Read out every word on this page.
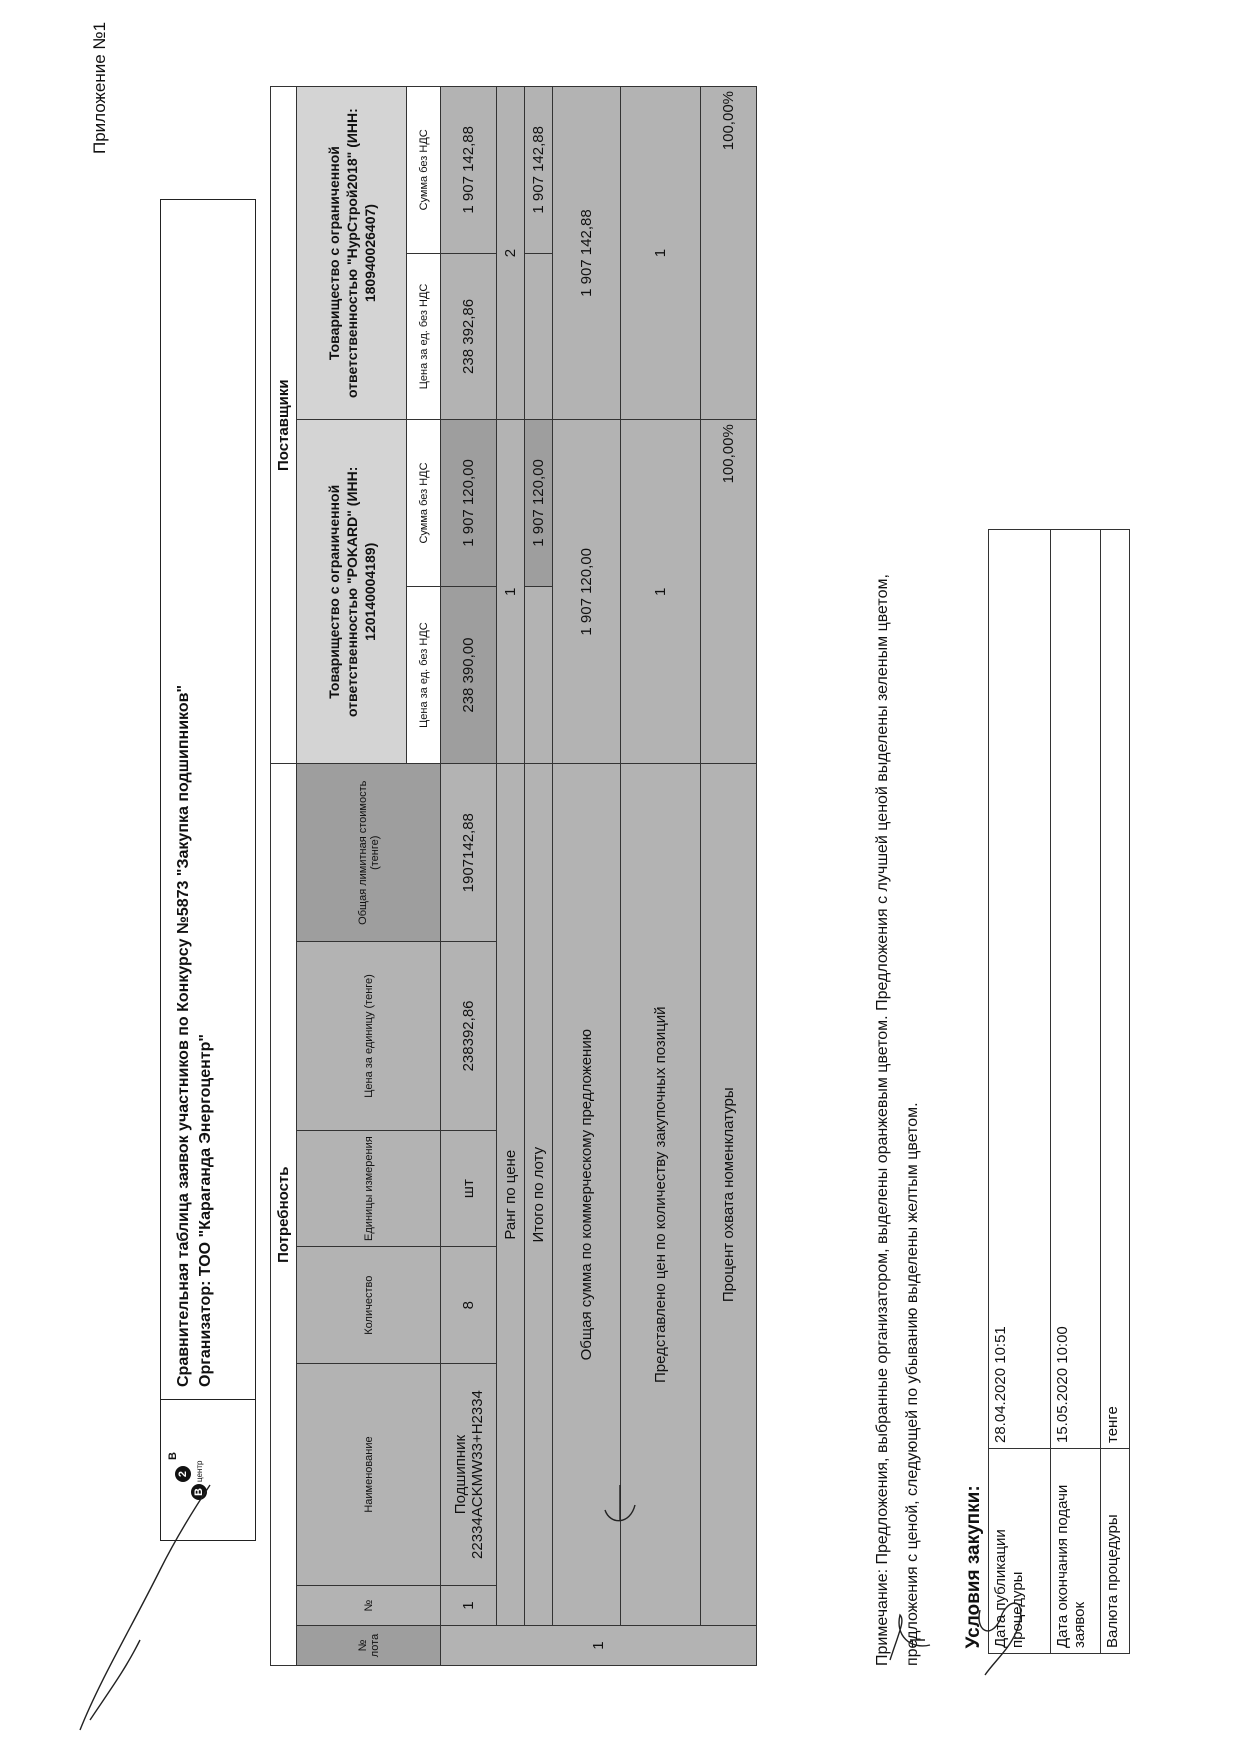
Приложение №1
B
2
B
центр
Сравнительная таблица заявок участников по Конкурсу №5873 "Закупка подшипников" Организатор: ТОО "Караганда Энергоцентр"	Потребность							Поставщики			
№ лота	№	Наименование	Количество	Единицы измерения	Цена за единицу (тенге)	Общая лимитная стоимость (тенге)	Товарищество с ограниченной ответственностью "POKARD" (ИНН: 120140004189)		Товарищество с ограниченной ответственностью "НурСтрой2018" (ИНН: 180940026407)	
							Цена за ед. без НДС	Сумма без НДС	Цена за ед. без НДС	Сумма без НДС
1	1	Подшипник 22334ACKMW33+H2334	8	шт	238392,86	1907142,88	238 390,00	1 907 120,00	238 392,86	1 907 142,88
	Ранг по цене						1		2	
	Итого по лоту							1 907 120,00		1 907 142,88
	Общая сумма по коммерческому предложению						1 907 120,00		1 907 142,88	
	Представлено цен по количеству закупочных позиций						1		1	
	Процент охвата номенклатуры						100,00%		100,00%	
Примечание: Предложения, выбранные организатором, выделены оранжевым цветом. Предложения с лучшей ценой выделены зеленым цветом, предложения с ценой, следующей по убыванию выделены желтым цветом.	Условия закупки:	
Дата публикации процедуры	28.04.2020 10:51
Дата окончания подачи заявок	15.05.2020 10:00
Валюта процедуры	тенге
